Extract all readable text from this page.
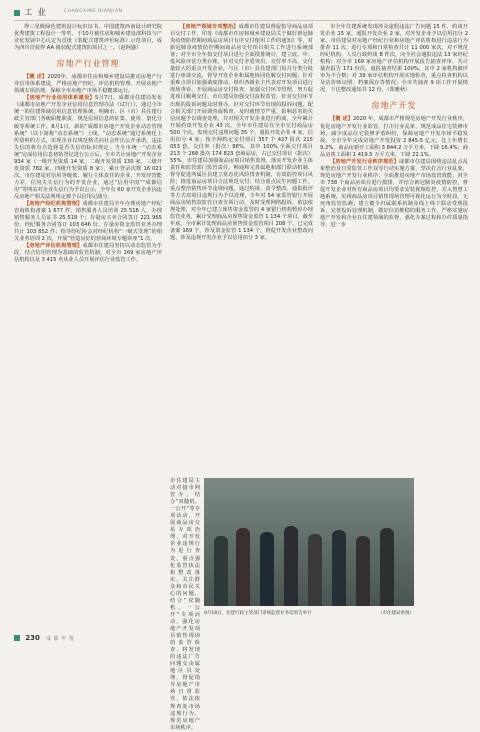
工 业	CHANGXING NIANJIAN

得三星级绿色建筑设计标识证书，中国建筑西南设计研究院优秀建筑工程设计一等奖，于10月被住房和城乡建设部科技与产业化发展中心认定为首批《装配式建筑评价标准》示范项目，成为四川首获得 AA 级装配式建筑的项目之一。（赵阿盛）

房地产行业管理

【概 述】2020年，成都市住房和城乡建设局推动房地产行业信用体系建设，严格房地产经纪、评估机构管理，开展房地产领域专项治理，保障全市房地产市场平稳健康运行。

【房地产行业信用体系建设】5月7日，成都市住建局发布《成都市房地产开发企业信用信息管理办法（试行）》，通过全市统一的住建领域信用信息管理系统，明确市、区（市）县住建行政主管部门各级职能职责，规范信用信息的征集、使用、量化分级等系统工作。8月1日，新的“成都市房地产开发企业动态管理系统”（以下简称“动态系统”）上线，“动态系统”通过系统化上传资料的方式，实现企业以规范格式向社会作出公开承诺，违法失信的将有自选择是否失信的标识规定；当全市统一“动态系统”完成信用信息初始登记进行公示后，全市共计房地产开发企业 934 家（一级开发资质 14 家、二级开发资质 130 家、三级开发资质 782 家，四级开发资质 8 家），累计登录次数 16 021 次。市住建局对信用等级低、履行主体责任的企业，开发经营能力差、信用失失信行为的开发企业，通过“信用中国”“成都信用”等网站对企业失信行为予以公示，全年有 60 家开发企业因违反房地产相关法规规定被予以信用记减分。

【房地产经纪机构管理】成都市住建局全年办理房地产经纪咨询机构备案 1 677 件，销售服务人员培训 25 518 人，办理销售服务人员证书 25 518 个；存量房买卖合同签订 221 965 份，经纪服务合同签订 103 646 份。存量房资金监管业务办理共计 103 852 件；指导经纪协会对经纪机构“一级式受理”的相关业务培训 2 次，开展“营造良好的营商环境专题讲座”1 次。

【房地产评估机构管理】成都市住建局坚持以动态监管为手段，结合信用管理为基础的监管机制，对全市 169 家房地产评估机构以及 3 415 名从业人员开展评估行业监管工作。

【房地产领域专项整治】成都市住建局督促指导商品房项目交付工作，印发《成都市住房和城乡建设局关于做好新冠肺炎疫情防控期间商品房项目有序交付使用工作的通知》等，对新冠肺炎疫情防控期间商品房交付项目相关工作进行系统部署；对全市全年拟交付项目进行全面摸排统计，建立底、中、低风险评估分类台账，针对交付矛盾突出、交付率不高、交付量较大的重点开发企业，与区（市）县住建部门每月分类分批进行座谈交流，督导开发企业和属地协同化解交付问题；针对重难点项目加强调度推动，组织各级业主代表对开发项目进行现场查看，开展商品房交付检查，加强交付环节管理，努力促进项目顺利交付。市住建局加强交付流程监管，针对交付环节出现的投诉问题及时督办。针对交付环节出现的投诉问题，配合相关部门开展调查或核查，及时就情节严重、影响恶劣的失信问题予以调查处理，并对相关开发企业进行约谈，全年累计开展约谈开发企业 43 次。全年市住建局在全市交付商品房 500 个次，发现交付违规问题 35 个，通报开发企业 4 家，信用扣分 4 家；按全网约定交付项目 357 个 427 批次 215 053 套，交付率（批次）88%，其中 100% 全面交付项目 213 个 268 批次 174 823 套商品房，占已交付项目（批次）55%。市住建局加强商品房项目销售监督，落实开发企业主体责任和监管部门监管责任，畅通和完善属地和部门联动机制、督导促进所属区县建立常态化风险排查机制，有效防控项目风险；推进商品房项目合法规范交付；结合重点民生问题工作，重点整治销售环节违规问题，通过约谈、责令整改、通报批评等方式对项目违规行为予以处理，全年对 54 家监管银行开展商品房销售款监管自查专项行动，及时受理网络投诉，依法依规处理，对全年已建立预售资金监管的 4 家银行机构暂停办理监管业务，累计受理商品房预售资金监管 1 134 个项目。截至年底，全市累计处理商品房预售资金监管项目 208 个，已完成备案 169 个，涉及资金监管 1 134 个，督促开发企业整改问题，涉及违规开发企业予以信用扣分 3 家。

市住建局主动对接市网管办，结合“双随机、一公开”等专项活动，开展商品房交易专项治理，对开发企业违规行为进行查处，重点强化监管执法和整改落实，关注群众和市民关心的问题，结合“双随机、一公开”专项活动，强化房地产开发项目销售现场的监管检查，将发现的违法广告问题交由属地区县处理，督促指导房地产市场日常监管，依法依规查处市场违规行为，规范房地产市场秩序。

市全年住建系统发现涉及虚假违法广告问题 15 件，约谈开发企业 15 家，通报开发企业 2 家，对开发企业予以信用扣分 2 家。市住建局对房地产经纪行业和房地产评估机构进行违法行为排查 11 次，进行专项和日常检查共计 11 000 家次，对不规范经纪机构、人员行政约谈 8 件次，向全社会通报违法 13 家经纪机构；对全市 169 家房地产评估机构开展报告抽查评审，共计抽查报告 171 份次，通报抽查结果 100%，其中 2 家机构被评审为不合格；对 39 家评估机构开展实地检查，重点检查机构以及估价师证照、档案保存等情况；全市共抽查 9 项工作开展情况，下达整改通知书 12 份。（郑雅秋）

房地产开发

【概 述】2020 年，成都市严格规范房地产开发行业秩序，优化房地产开发行业监管，打击行业乱象，规范成品住宅装修市场，减少成品住宅装修矛盾纠纷，保障房地产开发市场平稳发展。全市全年完成房地产开发投资 2 845.5 亿元，比上年增长 9.2%，商品房新开工面积 3 844.2 万平方米，下降 16.4%；商品房竣工面积 1 419.5 万平方米，下降 22.1%。

【房地产开发行业秩序规范】成都市住建局围绕违法乱点乱象整治及日常监管工作双导行动实施方案，坚决打击行业乱象，规范房地产开发行业秩序；全面推进房地产市场监管效能，对全市 738 个商品房项目进行摸排，并结合新冠肺炎疫情防控，督促开发企业对所有商品房项目均要求安装视频监控，并入智慧工地系统，实现商品房项目销售现场管理可视化运行为全时段、无死角监管监测；建立健全归属联系机制及线上线下联动受理投诉，完善投诉处理机制，做好信访维稳的服务工作，严格实施房地产开发和企业在住建领域的监督，强化办案过程和办件质量指导，进一步

9月18日，住建行政主管部门审核监督业务培训会举行	（市住建局供图）
230 成 都 年 鉴
